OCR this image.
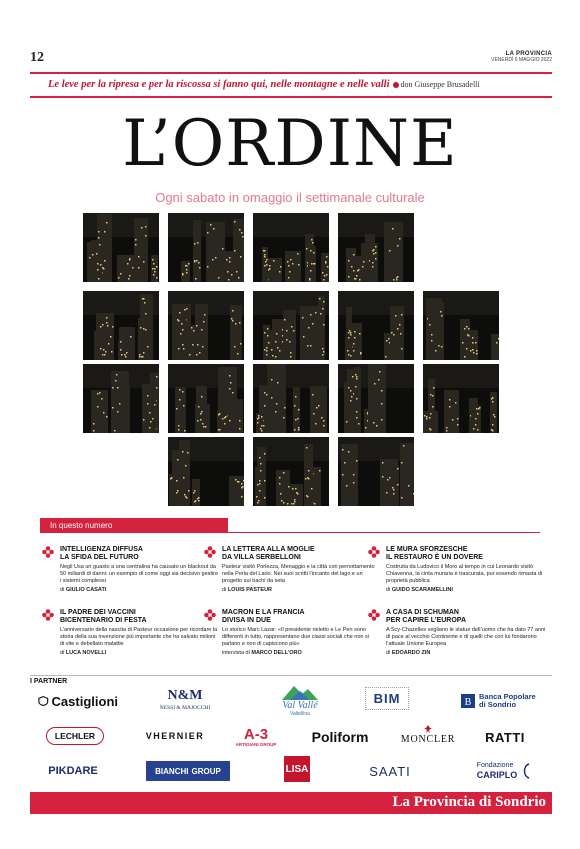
12	LA PROVINCIA
VENERDÌ 6 MAGGIO 2022
Le leve per la ripresa e per la riscossa si fanno qui, nelle montagne e nelle valli don Giuseppe Brusadelli
L’ORDINE
Ogni sabato in omaggio il settimanale culturale
In questo numero
INTELLIGENZA DIFFUSA
LA SFIDA DEL FUTURO
Negli Usa un guasto a una centralina ha causato un blackout da 50 miliardi di danni: un esempio di come oggi sia decisivo gestire i sistemi complessi
di GIULIO CASATI
LA LETTERA ALLA MOGLIE
DA VILLA SERBELLONI
Pasteur visitò Porlezza, Menaggio e la città con pernottamento nella Perla del Lario. Nei suoi scritti l’incanto del lago e un progetto sui bachi da seta
di LOUIS PASTEUR
LE MURA SFORZESCHE
IL RESTAURO È UN DOVERE
Costruita da Ludovico il Moro al tempo in cui Leonardo visitò Chiavenna, la cinta muraria è trascurata, pur essendo rimasta di proprietà pubblica
di GUIDO SCARAMELLINI
IL PADRE DEI VACCINI
BICENTENARIO DI FESTA
L’anniversario della nascita di Pasteur occasione per ricordare la storia della sua invenzione più importante che ha salvato milioni di vite e debellato malattie
di LUCA NOVELLI
MACRON E LA FRANCIA
DIVISA IN DUE
Lo storico Marc Lazar: «Il presidente rieletto e Le Pen sono differenti in tutto, rappresentano due classi sociali che non si parlano e non di capiscono più»
intervista di MARCO DELL’ORO
A CASA DI SCHUMAN
PER CAPIRE L’EUROPA
A Scy-Chazelles vegliano le statue dell’uomo che ha dato 77 anni di pace al vecchio Continente e di quelli che con lui fondarono l’attuale Unione Europea
di EDOARDO ZIN
I PARTNER
Castiglioni	N&M
NESSI & MAJOCCHI	Val Vallé
Valtellina
BIM	B
Banca Popolare
di Sondrio
LECHLER	VHERNIER	A-3
ARTIGIANI GROUP	Poliform	MONCLER RATTI
PIKDARE	BIANCHI GROUP	LISA	SAATI	Fondazione
CARIPLO
La Provincia di Sondrio
